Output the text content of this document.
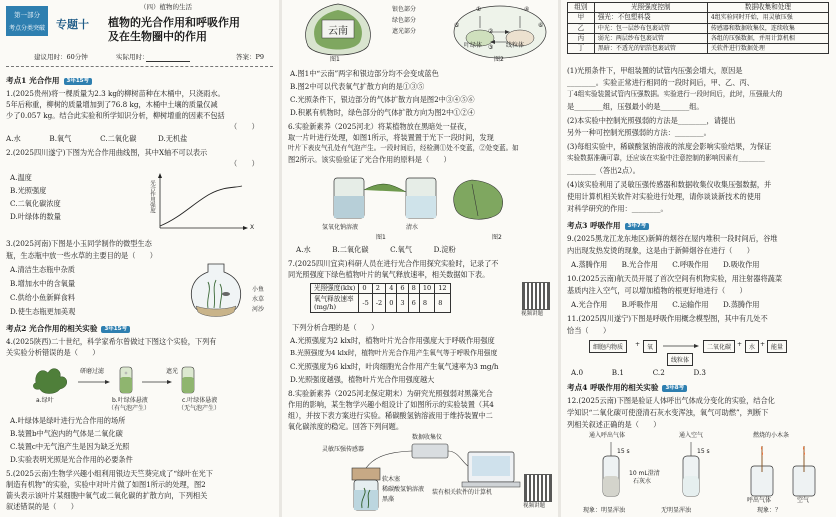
第一部分
考点分类突破
（四）植物的生活
专题十 植物的光合作用和呼吸作用
及在生物圈中的作用
建议用时：60分钟	实际用时：	答案：P9
考点1 光合作用 3年15考
1.(2025贵州)将一棵质量为2.3 kg的柳树苗种在木桶中，只浇雨水。
5年后称重，柳树的质量增加到了76.8 kg，木桶中土壤的质量仅减
少了0.057 kg。结合此实验和所学知识分析，柳树增重的因素不包括
（　　）
A.水　　　　B.氧气　　　　C.二氧化碳　　　D.无机盐
2.(2025四川遂宁)下图为光合作用曲线图，其中X轴不可以表示
（　　）
A.温度
B.光照强度
C.二氧化碳浓度
D.叶绿体的数量
光合作用强度
X
3.(2025河南)下图是小玉同学制作的微型生态
瓶，生态瓶中放一些水草的主要目的是（　　）
A.清洁生态瓶中杂质
B.增加水中的含氧量
C.供给小鱼新鲜食料
D.使生态瓶更加美观
小鱼
水草
河沙
考点2 光合作用的相关实验 3年15考
4.(2025陕西)二十世纪，科学家希尔曾做过下图这个实验，下列有
关实验分析错误的是（　　）
研磨过滤	遮光
a.绿叶	b.叶绿体悬液
（有气泡产生）
c.叶绿体悬液
（无气泡产生）
A.叶绿体是绿叶进行光合作用的场所
B.装置b中气泡内的气体是二氧化碳
C.装置c中无气泡产生是因为缺乏光照
D.实验表明光照是光合作用的必要条件
5.(2025云南)生物学兴趣小组利用银边天竺葵完成了“绿叶在光下
制造有机物”的实验，实验中对叶片做了如图1所示的处理，图2
箭头表示该叶片某细胞中氧气或二氧化碳的扩散方向，下列相关
叙述错误的是（　　）
云南
银色部分
绿色部分
遮光部分
叶绿体	线粒体
图1	图2
①
②
③
④
⑤	⑥
A.图1中“云南”两字和银边部分均不会变成蓝色
B.图2中可以代表氧气扩散方向的是①③⑤
C.光照条件下，银边部分的气体扩散方向是图2中③④⑤⑥
D.积累有机物时，绿色部分的气体扩散方向为图2中①②④
6.实验新素养（2025河北）将某植物放在黑暗处一昼夜，
取一片叶进行处理，如图1所示，将装置置于光下一段时间，发现
叶片下表皮气孔处有气泡产生。一段时间后，经检测①处不变蓝，②处变蓝。如
图2所示。该实验验证了光合作用的原料是（　　）
氢氧化钠溶液	清水
图1	图2
A.水　　　B.二氧化碳　　　C.氧气　　　D.淀粉
7.(2025四川宜宾)科研人员在进行光合作用探究实验时，记录了不
同光照强度下绿色植物叶片的氧气释放速率，相关数据如下表。
光照强度(klx)	0	2	4	6	8	10	12
氧气释放速率
(mg/h)	-5	-2	0	3	6	8	8
视频讲题
下列分析合理的是（　　）
A.光照强度为2 klx时，植物叶片光合作用强度大于呼吸作用强度
B.光照强度为4 klx时，植物叶片光合作用产生氧气等于呼吸作用强度
C.光照强度为6 klx时，叶肉细胞光合作用产生氧气速率为3 mg/h
D.光照强度越强，植物叶片光合作用强度越大
8.实验新素养（2025河北保定期末）为研究光照强弱对黑藻光合
作用的影响，某生物学兴趣小组设计了如图所示的实验装置（其4
组），并按下表方案进行实验。稀碳酸氢钠溶液用于维持装置中二
氧化碳浓度的稳定。回答下列问题。
数据收集仪
灵敏压强传感器
装有相关软件的计算机
软木塞
稀碳酸氢钠溶液
黑藻
视频讲题
组别	光照强度控制	数据收集和处理
甲	强光：不包塑料袋	4组实验同时开始，用灵敏压强
乙	中光：包一层纱布包裹试管	传感器和数据收集仪，连续收集
丙	弱光：两层纱布包裹试管	各组的压强数据，并用计算机相
丁	黑暗：不透光的铝箔包裹试管	关软件进行数据处理
(1)光照条件下，甲组装置的试管内压强会增大，原因是
________。实验正常进行相同的一段时间后，甲、乙、丙、
丁4组实验装置试管内压强数据。实验进行一段时间后，此时，压强最大的
是________组，压强最小的是________组。
(2)本实验中控制光照强弱的方法是________，请提出
另外一种可控制光照强弱的方法：________。
(3)每组实验中，稀碳酸氢钠溶液的浓度会影响实验结果，为保证
实验数据准确可靠，还应该在实验中注意控制的影响因素有________
________（答出2点）。
(4)该实验利用了灵敏压强传感器和数据收集仪收集压强数据，并
使用计算机相关软件对实验进行处理，请你谈谈新技术的使用
对科学研究的作用：________。
考点3 呼吸作用 3年7考
9.(2025黑龙江龙东地区)新鲜的烟谷在屋内堆积一段时间后，谷堆
内出现发热发烫的现象，这是由于新鲜烟谷在进行（　　）
A.蒸腾作用　　B.光合作用　　C.呼吸作用　　D.吸收作用
10.(2025云南)航天员开展了首次空间有机物实验，用注射器将蔬菜
基质内注入空气，可以增加植物的根更好地进行（　　）
A.光合作用　　B.呼吸作用　　C.运输作用　　D.蒸腾作用
11.(2025四川遂宁)下图是呼吸作用概念模型图，其中有几处不
恰当（　　）
细胞内物质	+	氧	二氧化碳 +	水 + 能量
线粒体
A.0　　　　B.1　　　　C.2　　　　D.3
考点4 呼吸作用的相关实验 3年8考
12.(2025云南)下图是验证人体呼出气体成分变化的实验，结合化
学知识“二氧化碳可使澄清石灰水变浑浊，氧气可助燃”，判断下
列相关叙述正确的是（　　）
通入呼出气体	通入空气
15 s	15 s
10 mL澄清
石灰水
燃烧的小木条
呼出气体	空气
现象：明显浑浊	无明显浑浊	现象：？
